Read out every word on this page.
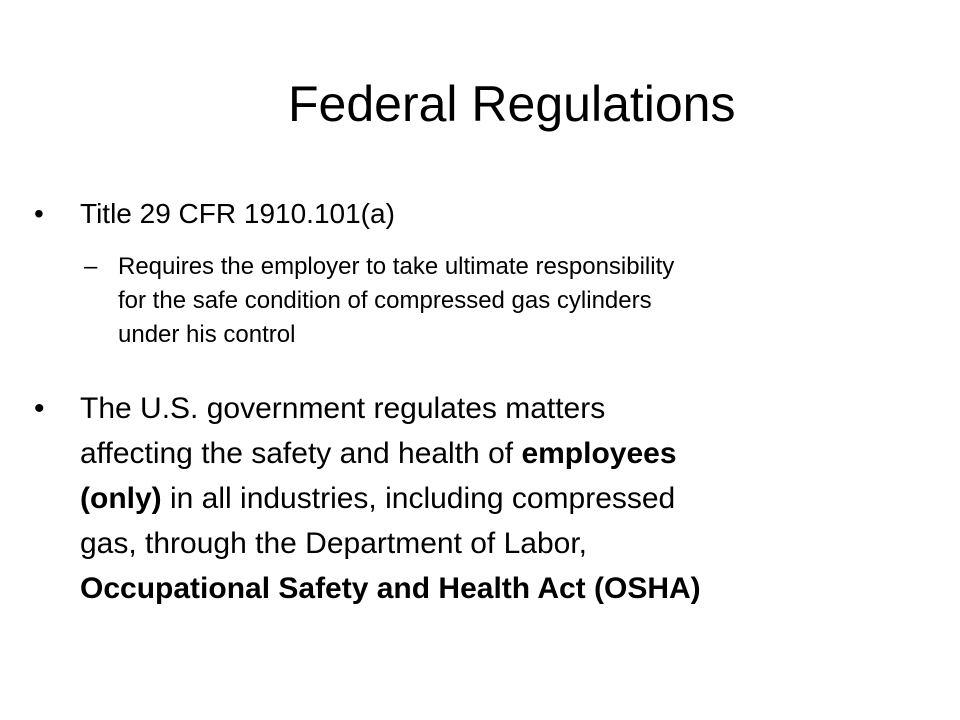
Federal Regulations
•	Title 29 CFR 1910.101(a)
– Requires the employer to take ultimate responsibility
for the safe condition of compressed gas cylinders
under his control
•	The U.S. government regulates matters
affecting the safety and health of employees
(only) in all industries, including compressed
gas, through the Department of Labor,
Occupational Safety and Health Act (OSHA)
